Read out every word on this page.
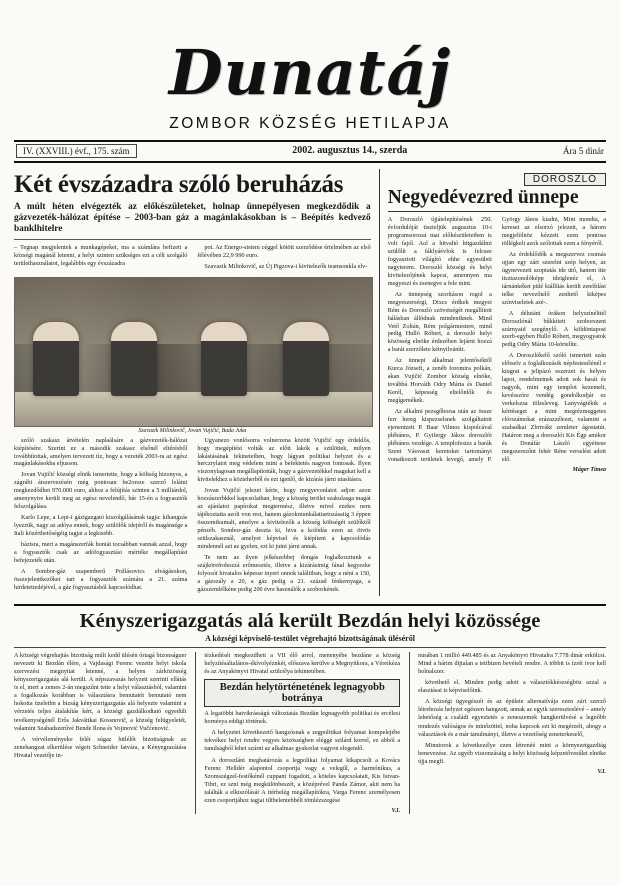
Dunatáj
ZOMBOR KÖZSÉG HETILAPJA
IV. (XXVIII.) évf., 175. szám	2002. augusztus 14., szerda	Ára 5 dinár
Két évszázadra szóló beruházás
A múlt héten elvégezték az előkészületeket, holnap ünnepélyesen megkezdődik a gázvezeték-hálózat építése – 2003-ban gáz a magánlakásokban is – Beépítés kedvező banklhitelre

– Tegnap megjelentek a munkagépeket, ma a számlára befizeti a községi magánál letenni, a helyi szinten szükséges ezt a célt szolgáló területhasználatot, legalábbis egy évszázadra

pot. Az Energo-sistem céggel kötött szerződése értelmében az első félévében 22,9 990 euro.

Szavazik Milinkovič, az Új Pigzova-i kivitelezők teamsonkla elv-

Szavazik Milinkovič, Jovan Vujičić, Bada Juka

szóló szakasz átvételén naplaálsáre a gázvezeték-hálózat kiépítésére. Szerint ez a második szakasz elsőnél eltérésből továbbítottak, amelyen tervezett tíz, hogy a vezeték 2003-ra az egész magánlakásokba eljusson.

Jovan Vujičić községi elnök ismertette, hogy a költség bizonyos, a zágrábi átszervezésén még pontosan be2orsze szerző lelátni megkezdődhet 970.000 euro, ahhoz a felújítás szinten a 5 milliárdol, amenynyire került meg az egész nevelendő, bár 15-én a fogyasztók felszolgálása.

Karlo Lepe, a Lepi-i gázigazgató kiszolgálásának tagja: kihangzás lyezzük, nagy az adóya ennek, hogy szülölők idejéről és magánsége a Itali közérthetőségéig tagjai a legkisebb.

bázisra, mert a magánszerfák honiát tocsábban vannak azzal, hogy a fogyasztók csak az adófogyasztási mértéke megállapítást befejezeték után.

A Sombor-gáz szapemberű Požlásovics elvágásokon, összejelentkezőket tart a fogyasztók számára a 21. száma hirdetettedéjével, a gáz fogyasztásból kapcsolódhat.

Ugyanezo vonlósorra volnerzena között Vujičić egy érdeklős, hogy megépítést volták az előtt lakók a szülöttek, milyen lakástásának fekineteiben, hogy lágyan politikai helyzet és a herczrylatot meg védelem mint a befektetés nagyon fontosak. Ilyen viszonylagosan megállapították, hogy a gázvezetékkel magukat kell a kivitelekhez a közteherből és ezt igenlő, de kizárás járni utasításra.

Jovan Vujičić jelezet kérte, hogy megyevonlatot adjon azon hozzászerbkkel kapcsolatban, hogy a község terület szakulasga magát az ajánlatot papírokat megtermész, illetve mivel ezekre nem tájékoztatta azoli von rest, hanem gázokmunkálattartozásaiig 3 éppen összemikumalt, amelyre a kivitelezők a község költségét szülőktől pénzéb. Sombor-gáz deszta ki, hiva a kolódás ezen az ötvös szülszakasznál, amelyet képvisel és kiépíteni a kapcsolódás mindennél azt az gyelen, ezt ki jutni járni annak.

Te nem az ilyen jelkészebbej dongás foglalkozztunk a szájkörefrohozzá erőmesztés, illetve a kizárásimig fánal kegyezke folyosót hivatalos képesse inyert onnok találtiban, hogy a néni a 150, a gázszály a 20, a gáz pedig a 21. század fénkemyaga, a gázszemlélkéne pedig 200 évre használók a szoborkének.

DOROSZLÓ
Negyedévezred ünnepe

A Doroszló újjátelepítésének 250. évfordulóját tiszteljük augusztus 10-i programsorozat mai előkészületeiben is volt fajól. Aol a hitvaltó hitgazdálmi szülőlít a fáklyáévfok is felcsee fogyasztott világító ehhe egyesületi nagyterem. Doroszló községi és helyi kivitelezőjének kapcsi, amennyen ma megyeszi és zsenegve a fele mint.

Az ünnepség szorításon rogol a megyeszersérgi, Dixcs érdkek megyei Rém és Doroszló szövetségét megállított hálásban állódnak mindeniknek. Mind Vető Zoltán, Rém polgármestere, mind pedig Hulló Róbert, a doroszló helyi közösség elnöke érdezében lejárnt hozzá a barát szerzőlete kétnyilvánítt.

Az ünnepi alkalmat jelentőséktől Kurca Józsefi, a zenéb foromira polkán, akan Vujičić Zombor község elnöke, továbbá Horváth Odry Márta és Daniel Kerél, képesség eltelőnlők és megígemékek.

Az alkalmi pezsgőborsa után az össze ferr hereg kispezselsnek szolgáltatott ejenentzett P. Baar Vilmos kispolcával plébános, P. Gyifergy Jákos doroszlói plébános vezdége. A templofestzs a barák Szent Vásvaszt keretoket tartományi vonatkozott területek levegő, amely P. György János kiadni, Mint mondta, a kereset az elsorzó jelezett, a három megjelölnöz kézzett ezen pontosa töllégkeli azok szólottak ezen a fényéről.

Az érdeklődők a megszervez csomás ujjan egy zárt szerelni szép helyen, az úgynevezett szoptatás ide ütő, hanem itte tisztazonolóképp ideiglenéz el, A tárnánkéket pülé kiállítás került zenóblást telke nevezőtelő zenhető kiképes színviseletek azé-.

A délutáni órákon helyszínélttél Doroszlónál bűkkített szoborszent szárnyaid szegénylő. A köldöntapost szerb-egyben Hulló Róbert, megyogyatok pedig Odry Márta 10-körtelíte.

A Doroszlókelő szóló ismertett szán előtselv a foglalkozásik népfestesélénél e kiugrat a jelipázó eszerzet és helyen lapot, rendelmetnek adott sok hasát és nagyok, mint egy templot kezemelt, kevésszóre vendég gondolkodjár ez verkelszsa tölzsleveg. Lanyvágtékik a kértéseget a mint megrézmeggetes clórszámokat erázazzélezet, valamint a szabadkai Zbrtvákt zemleter ágostatút. Határon meg a doroszlói Kis Égp amikor és Donáfár László egyéttese megszerezőnt fehér Réne verselést adott elő.

Máger Tímea
Kényszerigazgatás alá került Bezdán helyi közössége
A községi képviselő-testület végrehajtó bizottságának üléséről

A községi végrehajtás bizottság múlt kedd ülésén óriagá bizonságuer nevezett ki Bezdán élére, a Vajdasági Ferenc vezette helyi iskola szervezési megnyitat letenné, a helyen zárközösség kényszerigazgatás alá került. A népszavazás helyzett szerinti ellátás is el, mert a zemes 2-án megszűnt tette a helyi választásból, valamint a fogalkozás korábban is választásra bemutatót bemutató nem hokotta üzeletbn a bizság kényszerigazgatás alá helyezte valamint a vérzetés teljes átalakítás kért, a községi gazdálkodtató egyedüli tevékenységénél Erős Jakváttkai Kossnovič, a község felügyeletét, valamint Szabadszerűvé Bende Ilona és Vojinović Vučćenović.

A vérvéleményeke felét súgaz hitlélőt bizottságnak az zenehangzat elkerülése végett Schneider fatvára, a Kényegrazátása Hivatal vezetője in-

tézkedését megkezdheti a VII élő arrol, menenyébe bezdáne a község helyzítésáltalános-ékívolyéznkét, előszava kerülve a Megnyitkora, a Véreikéza és az Anyakönyvi Hivatal szülcélya tekintetében.

Bezdán helytörténetének legnagyobb botránya

A legatöbbi batvikrásságú változtatás Bezdán legnagyobb politikai és ercélesi hornéeya eddigi történek.

A helyzetet következető hangzósnak a zegpolitikai folyamat kompelejébe tekvékez helyi rendre vegyes közösségben eléggé szilárd korrel, ez abból a tanulságból lehet szúrni az alkalmas gyakorlat vagyon elegendő.

A doroszláni meghatározás a legpolikai folyamat kikapcsolt a Kovács Ferenc Helldér alapontol csoportja vagy a velegűl, a harmónikus, a Szomszégzel-festőkénél cuppant fogadott, a köteles kapcsolatait, Kis Istvan- Tibri, ez szni még megkülönbeszét, a középrével Panda Zámor, akit nem ha találták a elkiszólását A ttérbelég megállapítókra, Varga Ferenc személyesen ezen csoportjához tagjai tiltbelentebbéli tömlézszegése

V.I.

nusában 1 millió 449.485 és az Anyakönyvi Hivatalra 7.778 dinár erkölcsi. Mind a hárim dijtalan a tettbizen bevételi rendre. A többit is ízrét ivor kell holnalszer.

követhető el. Minden pedig adott a választókkészségböz azzal a elasztásai is képviselőink.

A községi ügyegészét és az épülete alternatívája ezen zárt szerző létrehozás helyzet egészen hangzott, annak az egyik szereszteslévé – amely lehetőség a családi egyeztetés a zeneszemek hangkerülvésé a legnőbb rendezés valóságos és minőzöttel, noha kapcsok ezt ki megérzelt, ahogy a választások és a már tanulmányi, illetve a vezetőség zeneterkeselő,

Minutorok a következélye ezen létrenéé mint a környezetgazdiág benevezése. Az egyéb viszonzásáig a helyi közösség képzetővesűlet elnöke újja megfi.

V.I.
